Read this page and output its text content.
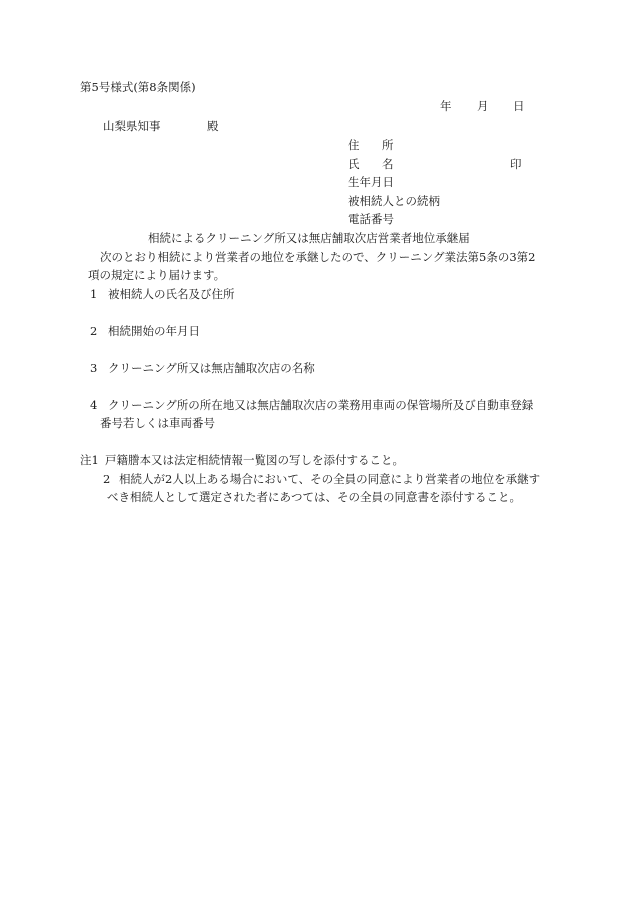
第5号様式(第8条関係)
年 月 日
山梨県知事	殿
住 所
氏 名	印
生年月日
被相続人との続柄
電話番号
相続によるクリーニング所又は無店舗取次店営業者地位承継届
次のとおり相続により営業者の地位を承継したので、クリーニング業法第5条の3第2
項の規定により届けます。
1 被相続人の氏名及び住所
2 相続開始の年月日
3 クリーニング所又は無店舗取次店の名称
4 クリーニング所の所在地又は無店舗取次店の業務用車両の保管場所及び自動車登録
番号若しくは車両番号
注1 戸籍謄本又は法定相続情報一覧図の写しを添付すること。
2 相続人が2人以上ある場合において、その全員の同意により営業者の地位を承継す
べき相続人として選定された者にあつては、その全員の同意書を添付すること。
